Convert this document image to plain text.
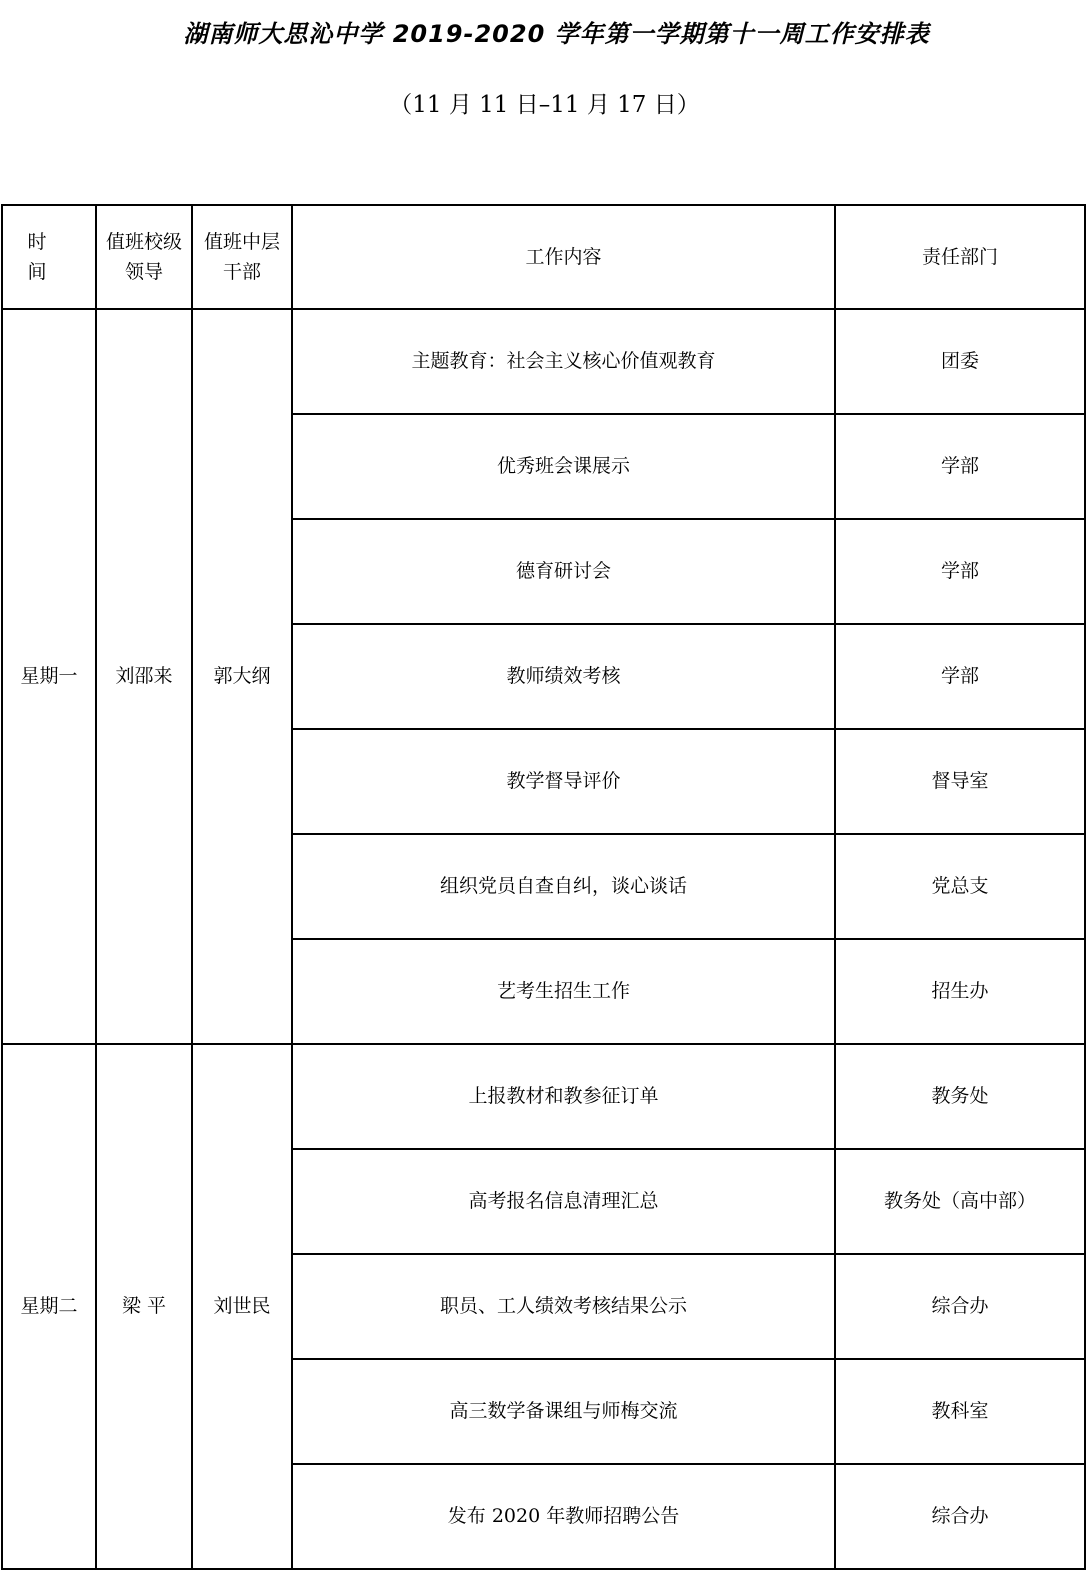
湖南师大思沁中学 2019-2020 学年第一学期第十一周工作安排表
（11 月 11 日–11 月 17 日）
时 间	值班校级领导	值班中层干部	工作内容	责任部门
星期一	刘邵来	郭大纲	主题教育：社会主义核心价值观教育	团委
			优秀班会课展示	学部
			德育研讨会	学部
			教师绩效考核	学部
			教学督导评价	督导室
			组织党员自查自纠，谈心谈话	党总支
			艺考生招生工作	招生办
星期二	梁 平	刘世民	上报教材和教参征订单	教务处
			高考报名信息清理汇总	教务处（高中部）
			职员、工人绩效考核结果公示	综合办
			高三数学备课组与师梅交流	教科室
			发布 2020 年教师招聘公告	综合办
